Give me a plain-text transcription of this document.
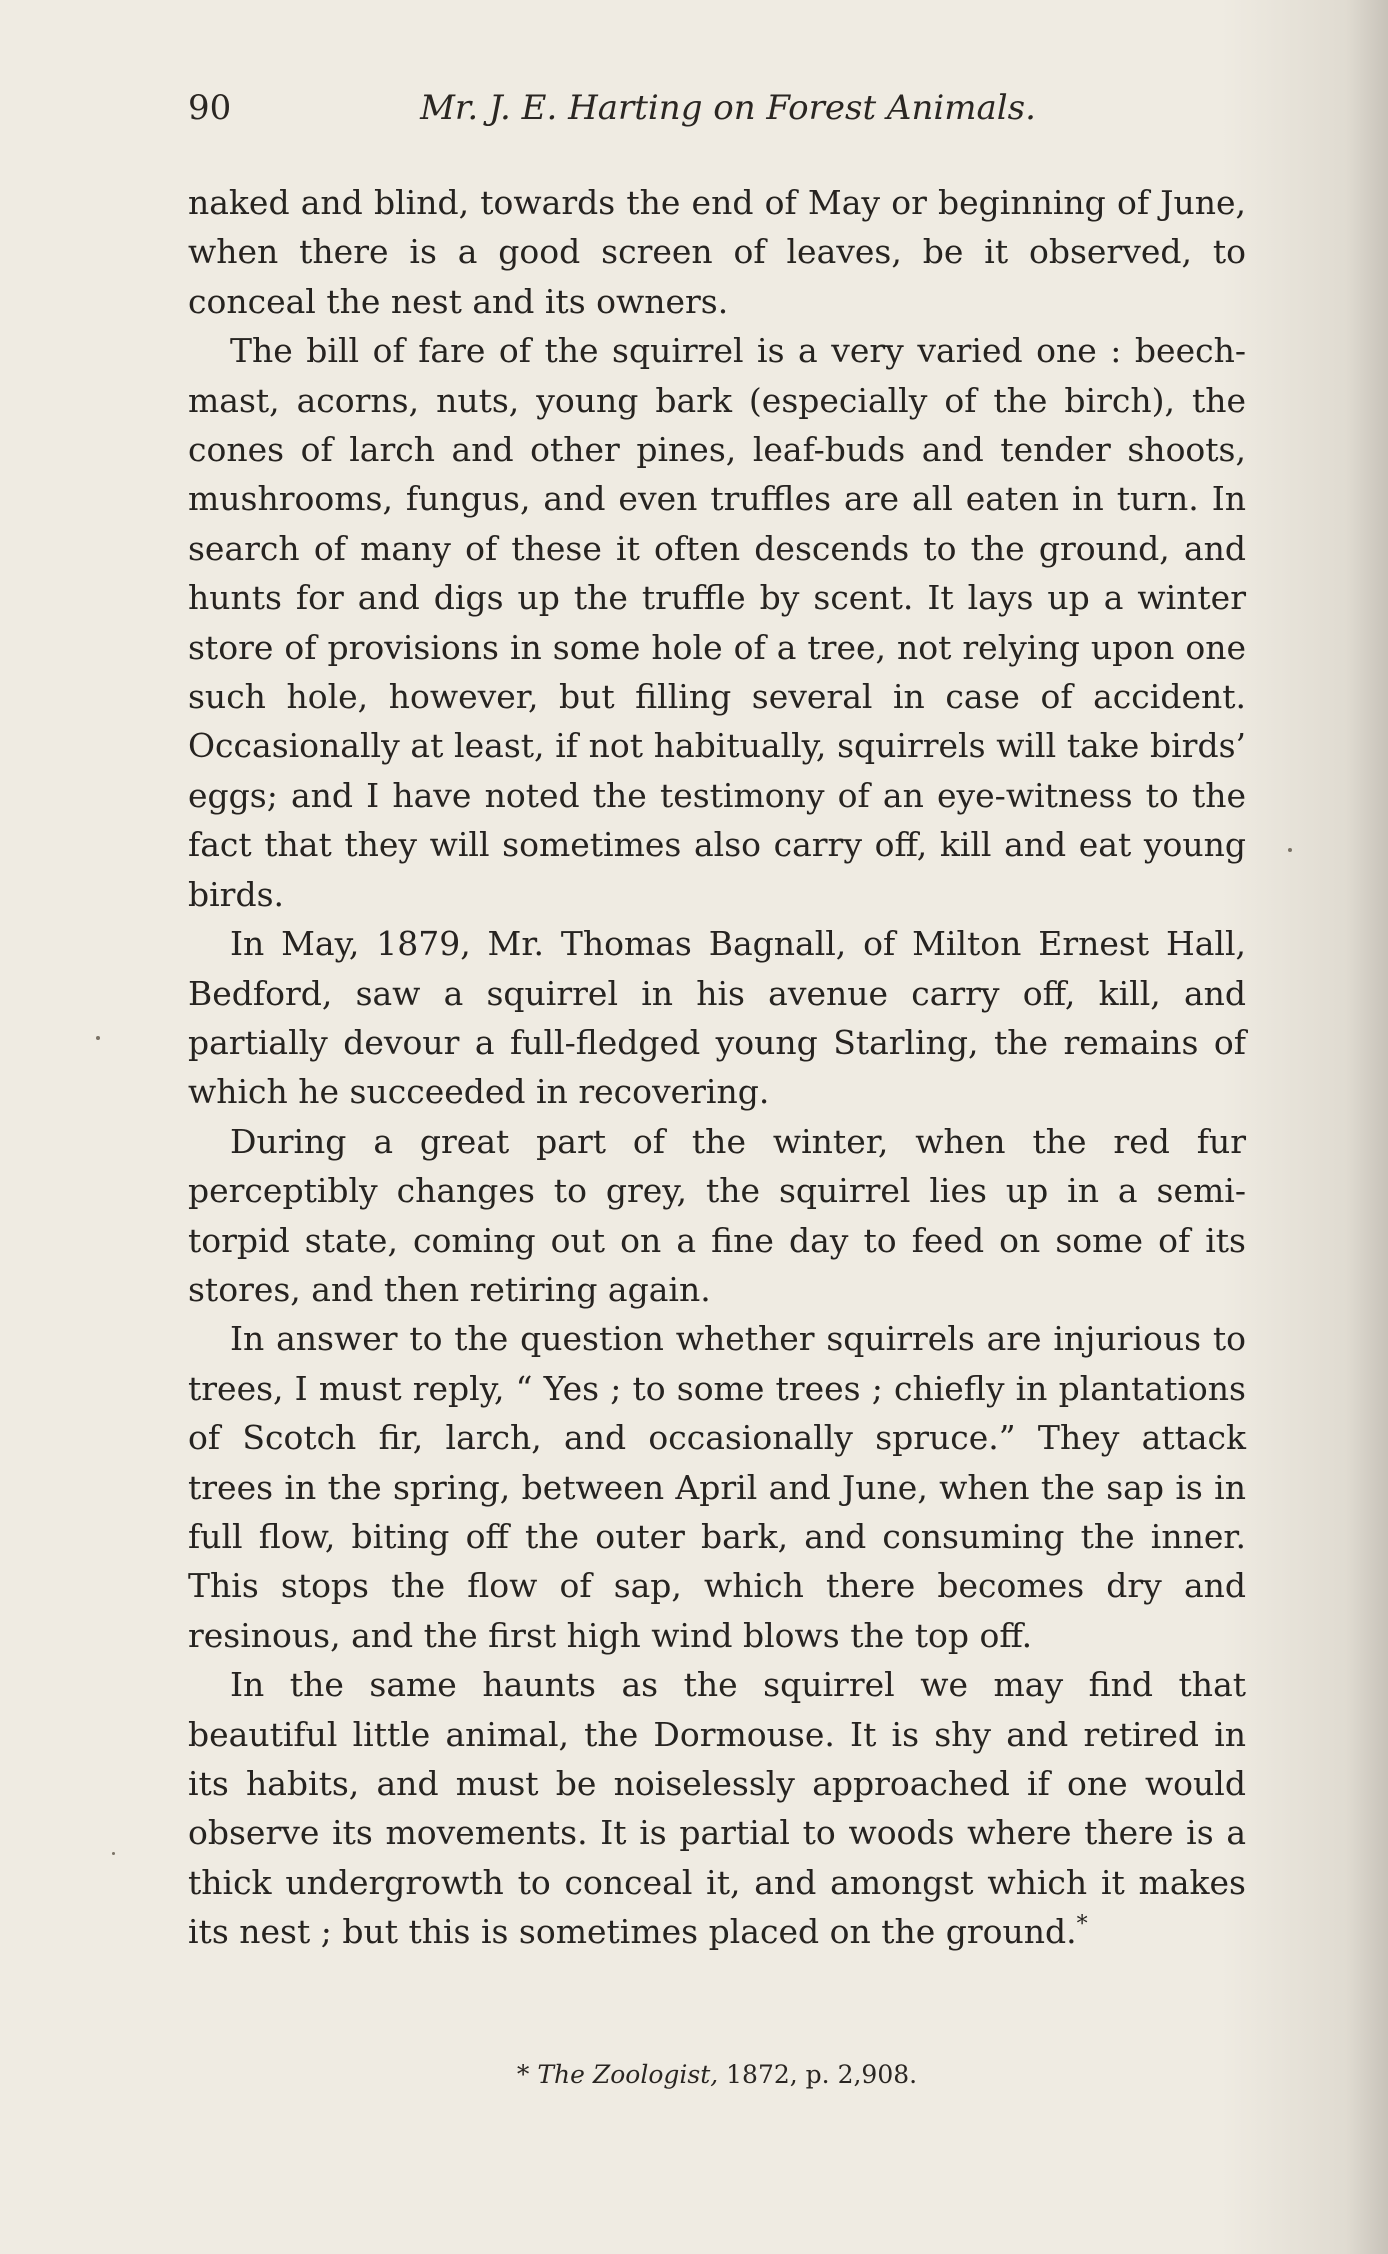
90	Mr. J. E. Harting on Forest Animals.

naked and blind, towards the end of May or beginning of June, when there is a good screen of leaves, be it observed, to conceal the nest and its owners.

The bill of fare of the squirrel is a very varied one : beech-mast, acorns, nuts, young bark (especially of the birch), the cones of larch and other pines, leaf-buds and tender shoots, mushrooms, fungus, and even truffles are all eaten in turn. In search of many of these it often descends to the ground, and hunts for and digs up the truffle by scent. It lays up a winter store of provisions in some hole of a tree, not relying upon one such hole, however, but filling several in case of accident. Occasionally at least, if not habitually, squirrels will take birds’ eggs; and I have noted the testimony of an eye-witness to the fact that they will sometimes also carry off, kill and eat young birds.

In May, 1879, Mr. Thomas Bagnall, of Milton Ernest Hall, Bedford, saw a squirrel in his avenue carry off, kill, and partially devour a full-fledged young Starling, the remains of which he succeeded in recovering.

During a great part of the winter, when the red fur perceptibly changes to grey, the squirrel lies up in a semi-torpid state, coming out on a fine day to feed on some of its stores, and then retiring again.

In answer to the question whether squirrels are injurious to trees, I must reply, “ Yes ; to some trees ; chiefly in plantations of Scotch fir, larch, and occasionally spruce.” They attack trees in the spring, between April and June, when the sap is in full flow, biting off the outer bark, and consuming the inner. This stops the flow of sap, which there becomes dry and resinous, and the first high wind blows the top off.

In the same haunts as the squirrel we may find that beautiful little animal, the Dormouse. It is shy and retired in its habits, and must be noiselessly approached if one would observe its movements. It is partial to woods where there is a thick undergrowth to conceal it, and amongst which it makes its nest ; but this is sometimes placed on the ground.*

* The Zoologist, 1872, p. 2,908.
